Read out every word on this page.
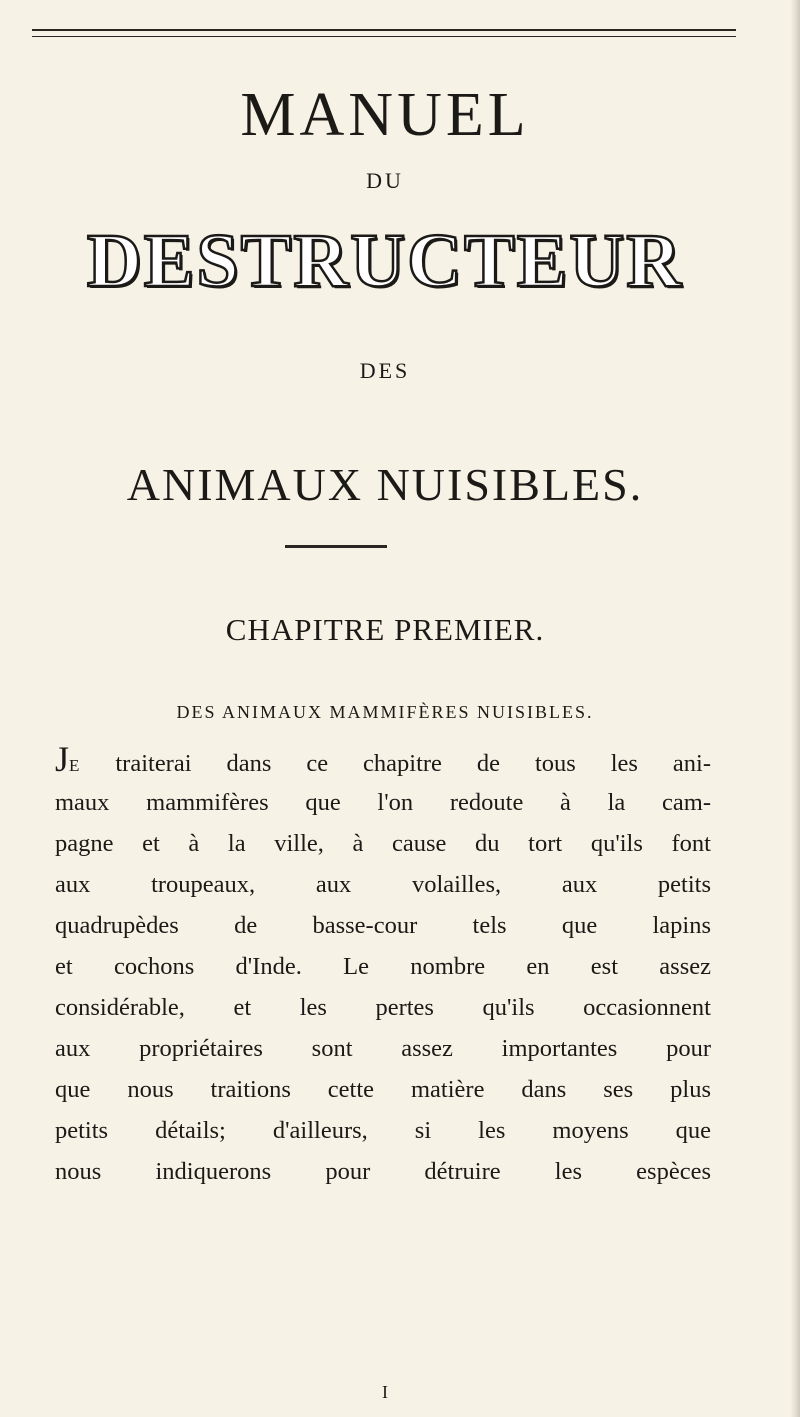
MANUEL
DU
DESTRUCTEUR
DES
ANIMAUX NUISIBLES.
CHAPITRE PREMIER.
DES ANIMAUX MAMMIFÈRES NUISIBLES.
JE traiterai dans ce chapitre de tous les ani-
maux mammifères que l'on redoute à la cam-
pagne et à la ville, à cause du tort qu'ils font
aux troupeaux, aux volailles, aux petits
quadrupèdes de basse-cour tels que lapins
et cochons d'Inde. Le nombre en est assez
considérable, et les pertes qu'ils occasionnent
aux propriétaires sont assez importantes pour
que nous traitions cette matière dans ses plus
petits détails; d'ailleurs, si les moyens que
nous indiquerons pour détruire les espèces
I
